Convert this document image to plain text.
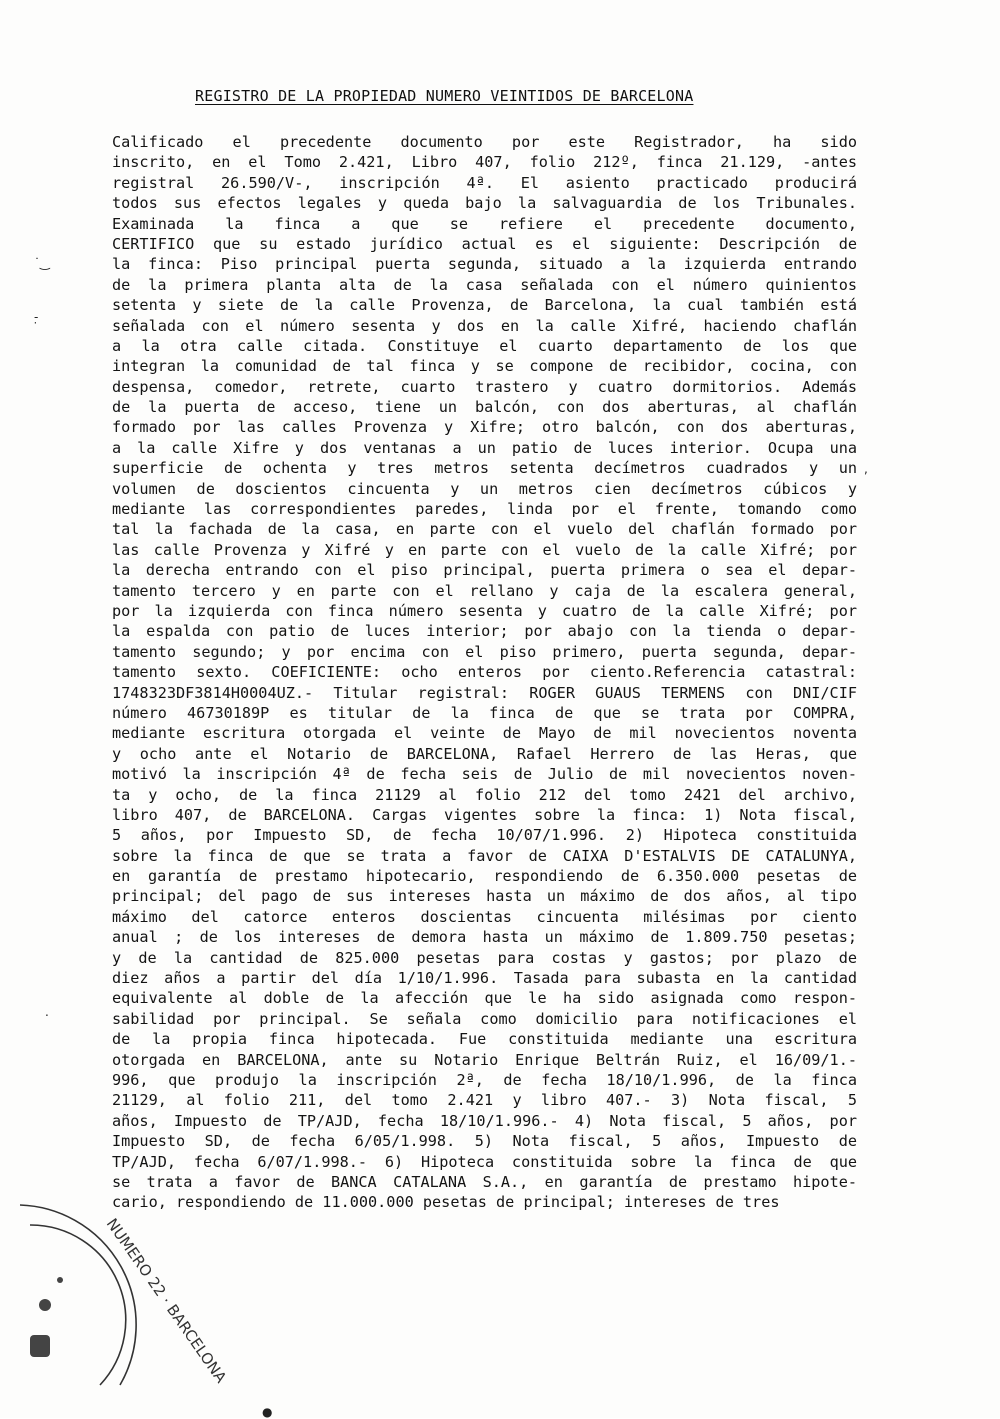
REGISTRO DE LA PROPIEDAD NUMERO VEINTIDOS DE BARCELONA
Calificado el precedente documento por este Registrador, ha sido
inscrito, en el Tomo 2.421, Libro 407, folio 212º, finca 21.129, -antes
registral 26.590/V-, inscripción 4ª. El asiento practicado producirá
todos sus efectos legales y queda bajo la salvaguardia de los Tribunales.
Examinada la finca a que se refiere el precedente documento,
CERTIFICO que su estado jurídico actual es el siguiente: Descripción de
la finca: Piso principal puerta segunda, situado a la izquierda entrando
de la primera planta alta de la casa señalada con el número quinientos
setenta y siete de la calle Provenza, de Barcelona, la cual también está
señalada con el número sesenta y dos en la calle Xifré, haciendo chaflán
a la otra calle citada. Constituye el cuarto departamento de los que
integran la comunidad de tal finca y se compone de recibidor, cocina, con
despensa, comedor, retrete, cuarto trastero y cuatro dormitorios. Además
de la puerta de acceso, tiene un balcón, con dos aberturas, al chaflán
formado por las calles Provenza y Xifre; otro balcón, con dos aberturas,
a la calle Xifre y dos ventanas a un patio de luces interior. Ocupa una
superficie de ochenta y tres metros setenta decímetros cuadrados y un
volumen de doscientos cincuenta y un metros cien decímetros cúbicos y
mediante las correspondientes paredes, linda por el frente, tomando como
tal la fachada de la casa, en parte con el vuelo del chaflán formado por
las calle Provenza y Xifré y en parte con el vuelo de la calle Xifré; por
la derecha entrando con el piso principal, puerta primera o sea el depar-
tamento tercero y en parte con el rellano y caja de la escalera general,
por la izquierda con finca número sesenta y cuatro de la calle Xifré; por
la espalda con patio de luces interior; por abajo con la tienda o depar-
tamento segundo; y por encima con el piso primero, puerta segunda, depar-
tamento sexto. COEFICIENTE: ocho enteros por ciento.Referencia catastral:
1748323DF3814H0004UZ.- Titular registral: ROGER GUAUS TERMENS con DNI/CIF
número 46730189P es titular de la finca de que se trata por COMPRA,
mediante escritura otorgada el veinte de Mayo de mil novecientos noventa
y ocho ante el Notario de BARCELONA, Rafael Herrero de las Heras, que
motivó la inscripción 4ª de fecha seis de Julio de mil novecientos noven-
ta y ocho, de la finca 21129 al folio 212 del tomo 2421 del archivo,
libro 407, de BARCELONA. Cargas vigentes sobre la finca: 1) Nota fiscal,
5 años, por Impuesto SD, de fecha 10/07/1.996. 2) Hipoteca constituida
sobre la finca de que se trata a favor de CAIXA D'ESTALVIS DE CATALUNYA,
en garantía de prestamo hipotecario, respondiendo de 6.350.000 pesetas de
principal; del pago de sus intereses hasta un máximo de dos años, al tipo
máximo del catorce enteros doscientas cincuenta milésimas por ciento
anual ; de los intereses de demora hasta un máximo de 1.809.750 pesetas;
y de la cantidad de 825.000 pesetas para costas y gastos; por plazo de
diez años a partir del día 1/10/1.996. Tasada para subasta en la cantidad
equivalente al doble de la afección que le ha sido asignada como respon-
sabilidad por principal. Se señala como domicilio para notificaciones el
de la propia finca hipotecada. Fue constituida mediante una escritura
otorgada en BARCELONA, ante su Notario Enrique Beltrán Ruiz, el 16/09/1.-
996, que produjo la inscripción 2ª, de fecha 18/10/1.996, de la finca
21129, al folio 211, del tomo 2.421 y libro 407.- 3) Nota fiscal, 5
años, Impuesto de TP/AJD, fecha 18/10/1.996.- 4) Nota fiscal, 5 años, por
Impuesto SD, de fecha 6/05/1.998. 5) Nota fiscal, 5 años, Impuesto de
TP/AJD, fecha 6/07/1.998.- 6) Hipoteca constituida sobre la finca de que
se trata a favor de BANCA CATALANA S.A., en garantía de prestamo hipote-
cario, respondiendo de 11.000.000 pesetas de principal; intereses de tres
NUMERO 22 · BARCELONA
˙‿
-̣
,
.
●
